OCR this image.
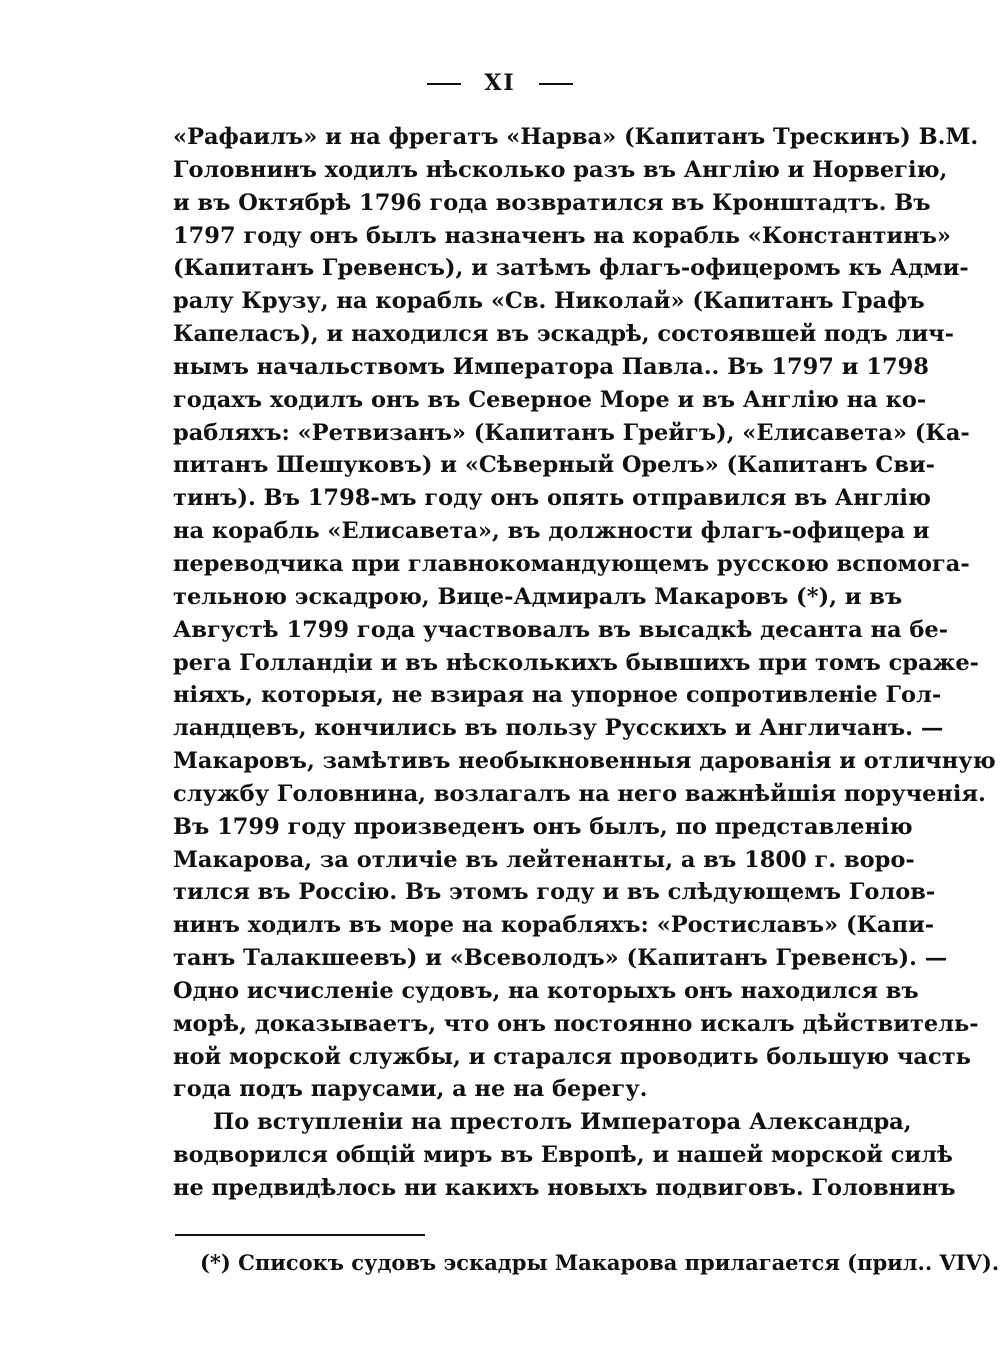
XI
«Рафаилъ» и на фрегатъ «Нарва» (Капитанъ Трескинъ) В.М.
Головнинъ ходилъ нѣсколько разъ въ Англію и Норвегію,
и въ Октябрѣ 1796 года возвратился въ Кронштадтъ. Въ
1797 году онъ былъ назначенъ на корабль «Константинъ»
(Капитанъ Гревенсъ), и затѣмъ флагъ-офицеромъ къ Адми-
ралу Крузу, на корабль «Св. Николай» (Капитанъ Графъ
Капеласъ), и находился въ эскадрѣ, состоявшей подъ лич-
нымъ начальствомъ Императора Павла.. Въ 1797 и 1798
годахъ ходилъ онъ въ Северное Море и въ Англію на ко-
рабляхъ: «Ретвизанъ» (Капитанъ Грейгъ), «Елисавета» (Ка-
питанъ Шешуковъ) и «Сѣверный Орелъ» (Капитанъ Сви-
тинъ). Въ 1798-мъ году онъ опять отправился въ Англію
на корабль «Елисавета», въ должности флагъ-офицера и
переводчика при главнокомандующемъ русскою вспомога-
тельною эскадрою, Вице-Адмиралъ Макаровъ (*), и въ
Августѣ 1799 года участвовалъ въ высадкѣ десанта на бе-
рега Голландіи и въ нѣсколькихъ бывшихъ при томъ сраже-
ніяхъ, которыя, не взирая на упорное сопротивленіе Гол-
ландцевъ, кончились въ пользу Русскихъ и Англичанъ. —
Макаровъ, замѣтивъ необыкновенныя дарованія и отличную
службу Головнина, возлагалъ на него важнѣйшія порученія.
Въ 1799 году произведенъ онъ былъ, по представленію
Макарова, за отличіе въ лейтенанты, а въ 1800 г. воро-
тился въ Россію. Въ этомъ году и въ слѣдующемъ Голов-
нинъ ходилъ въ море на корабляхъ: «Ростиславъ» (Капи-
танъ Талакшеевъ) и «Всеволодъ» (Капитанъ Гревенсъ). —
Одно исчисленіе судовъ, на которыхъ онъ находился въ
морѣ, доказываетъ, что онъ постоянно искалъ дѣйствитель-
ной морской службы, и старался проводить большую часть
года подъ парусами, а не на берегу.
По вступленіи на престолъ Императора Александра,
водворился общій миръ въ Европѣ, и нашей морской силѣ
не предвидѣлось ни какихъ новыхъ подвиговъ. Головнинъ
(*) Списокъ судовъ эскадры Макарова прилагается (прил.. VIV).
